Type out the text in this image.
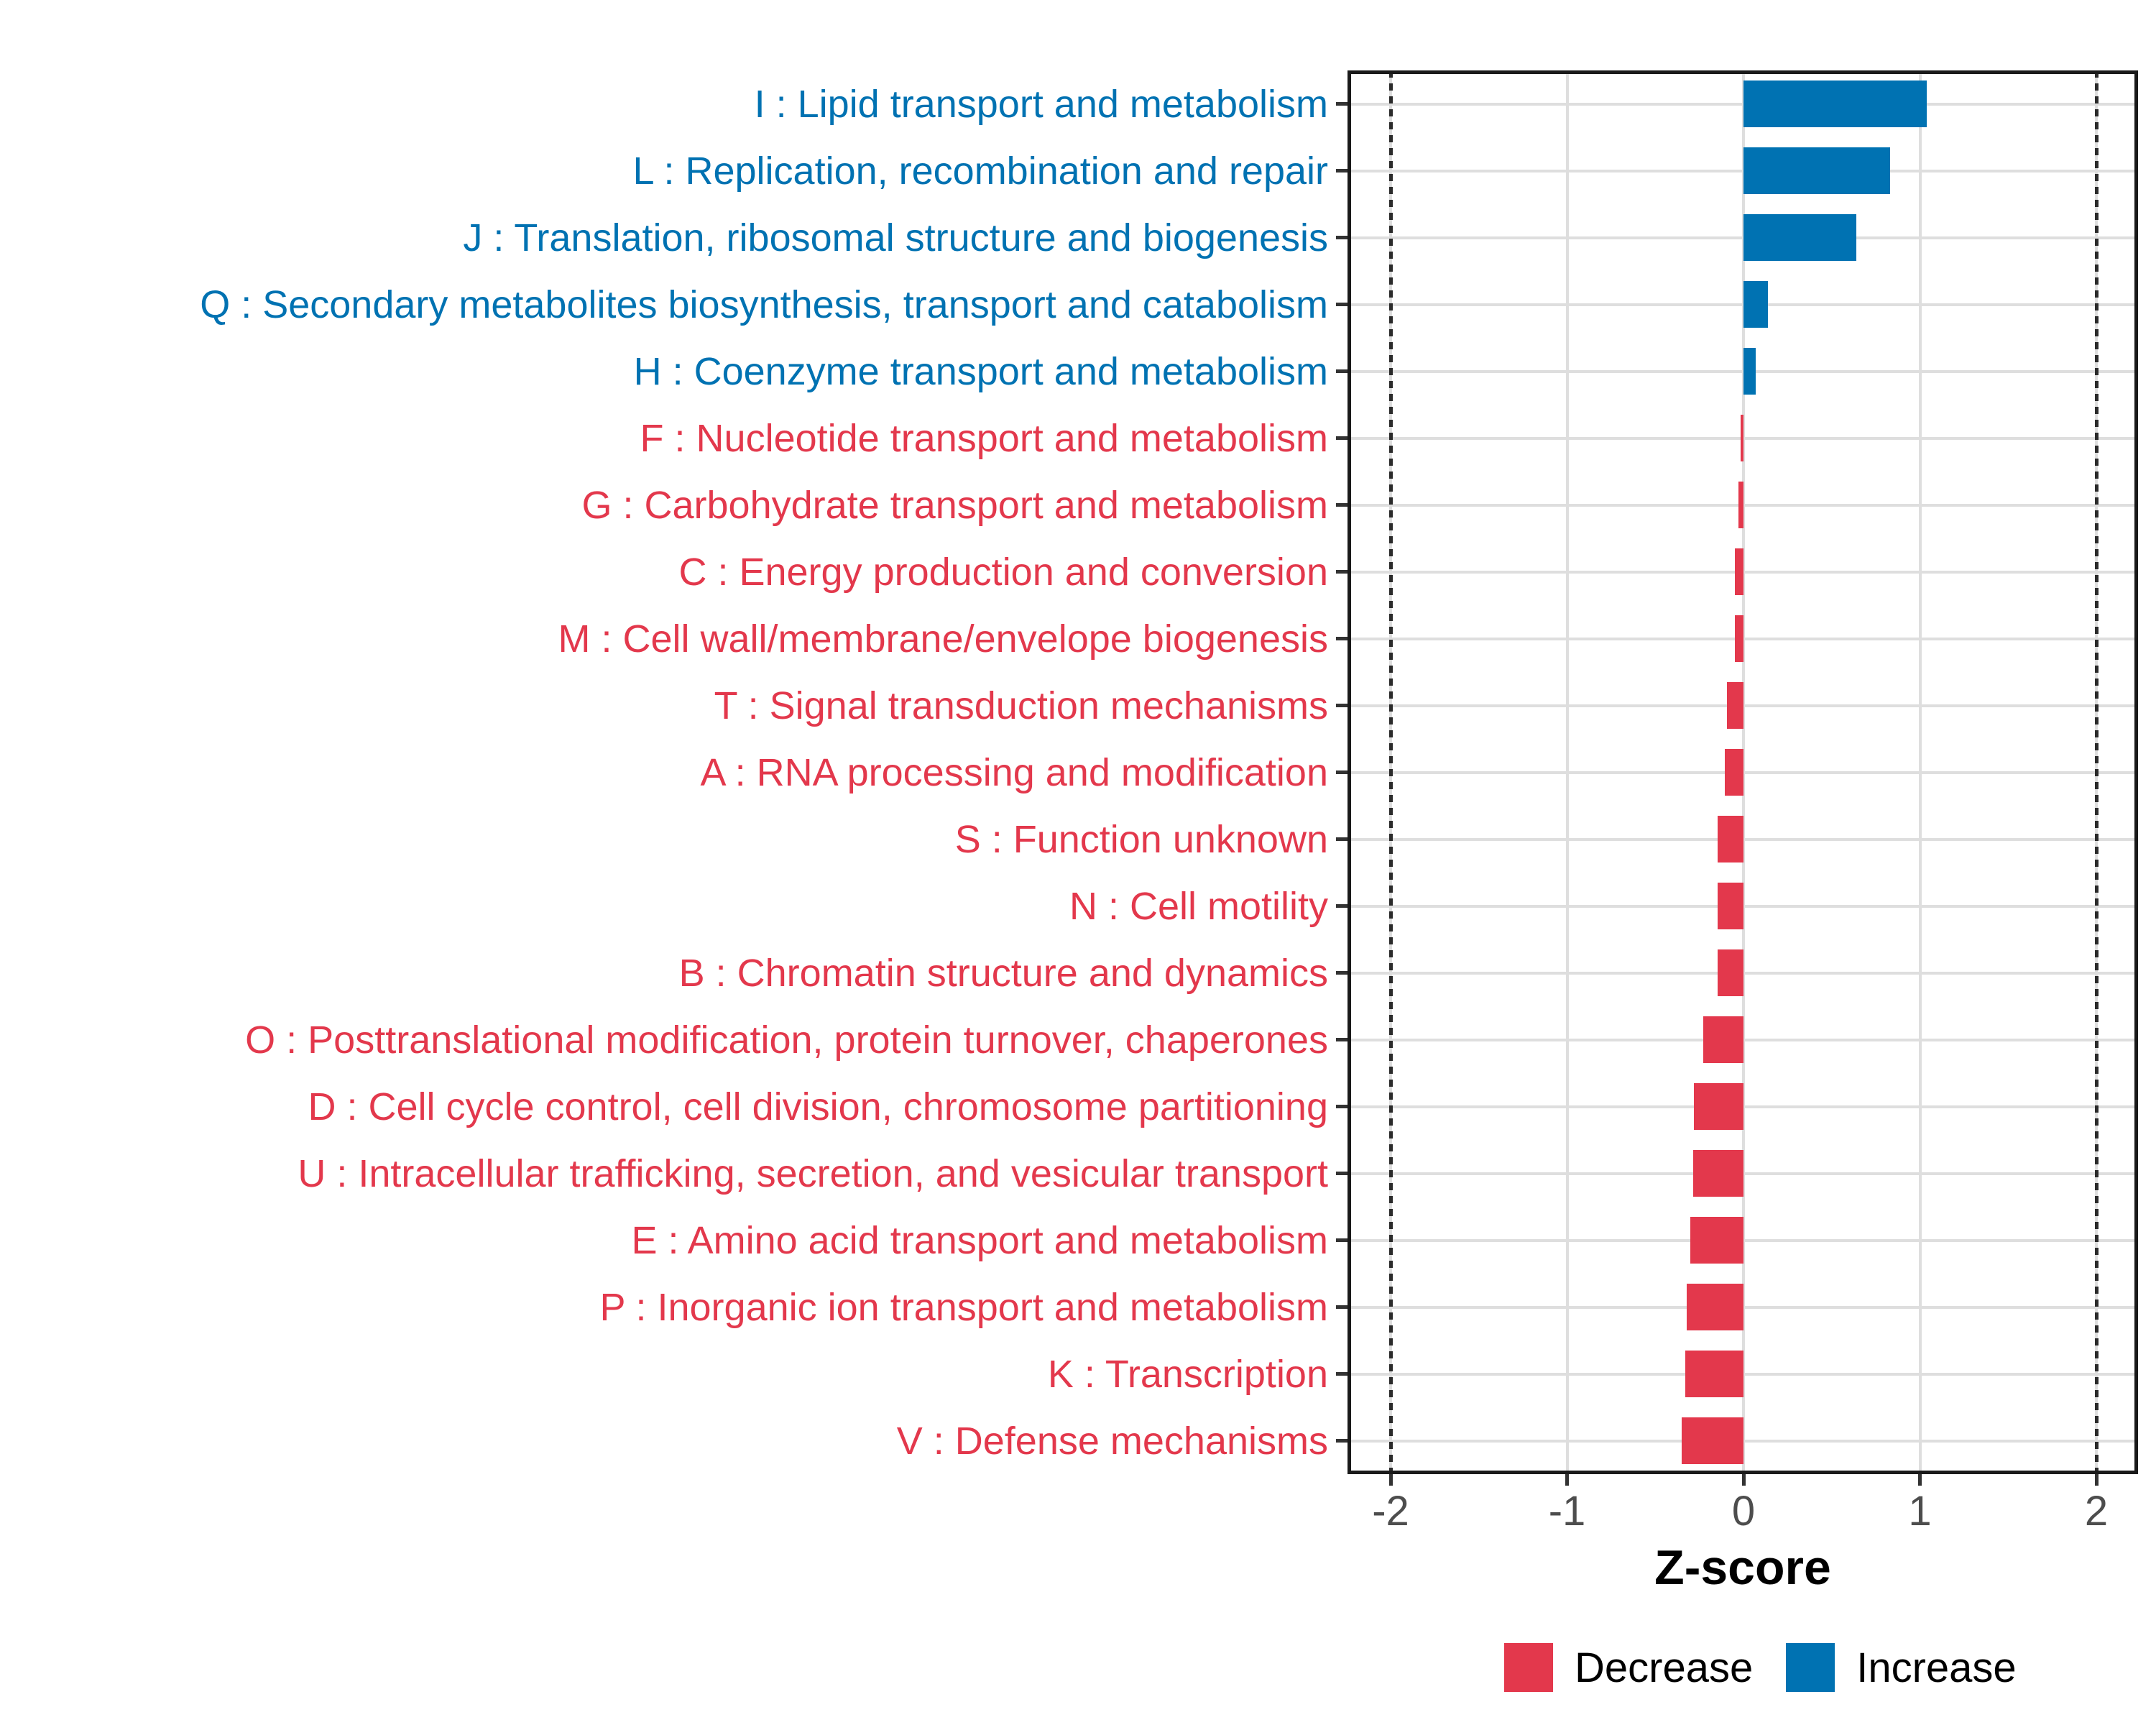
Z-score
Decrease Increase
-2	-1	0	1	2
I : Lipid transport and metabolism
L : Replication, recombination and repair
J : Translation, ribosomal structure and biogenesis
Q : Secondary metabolites biosynthesis, transport and catabolism
H : Coenzyme transport and metabolism
F : Nucleotide transport and metabolism
G : Carbohydrate transport and metabolism
C : Energy production and conversion
M : Cell wall/membrane/envelope biogenesis
T : Signal transduction mechanisms
A : RNA processing and modification
S : Function unknown
N : Cell motility
B : Chromatin structure and dynamics
O : Posttranslational modification, protein turnover, chaperones
D : Cell cycle control, cell division, chromosome partitioning
U : Intracellular trafficking, secretion, and vesicular transport
E : Amino acid transport and metabolism
P : Inorganic ion transport and metabolism
K : Transcription
V : Defense mechanisms
